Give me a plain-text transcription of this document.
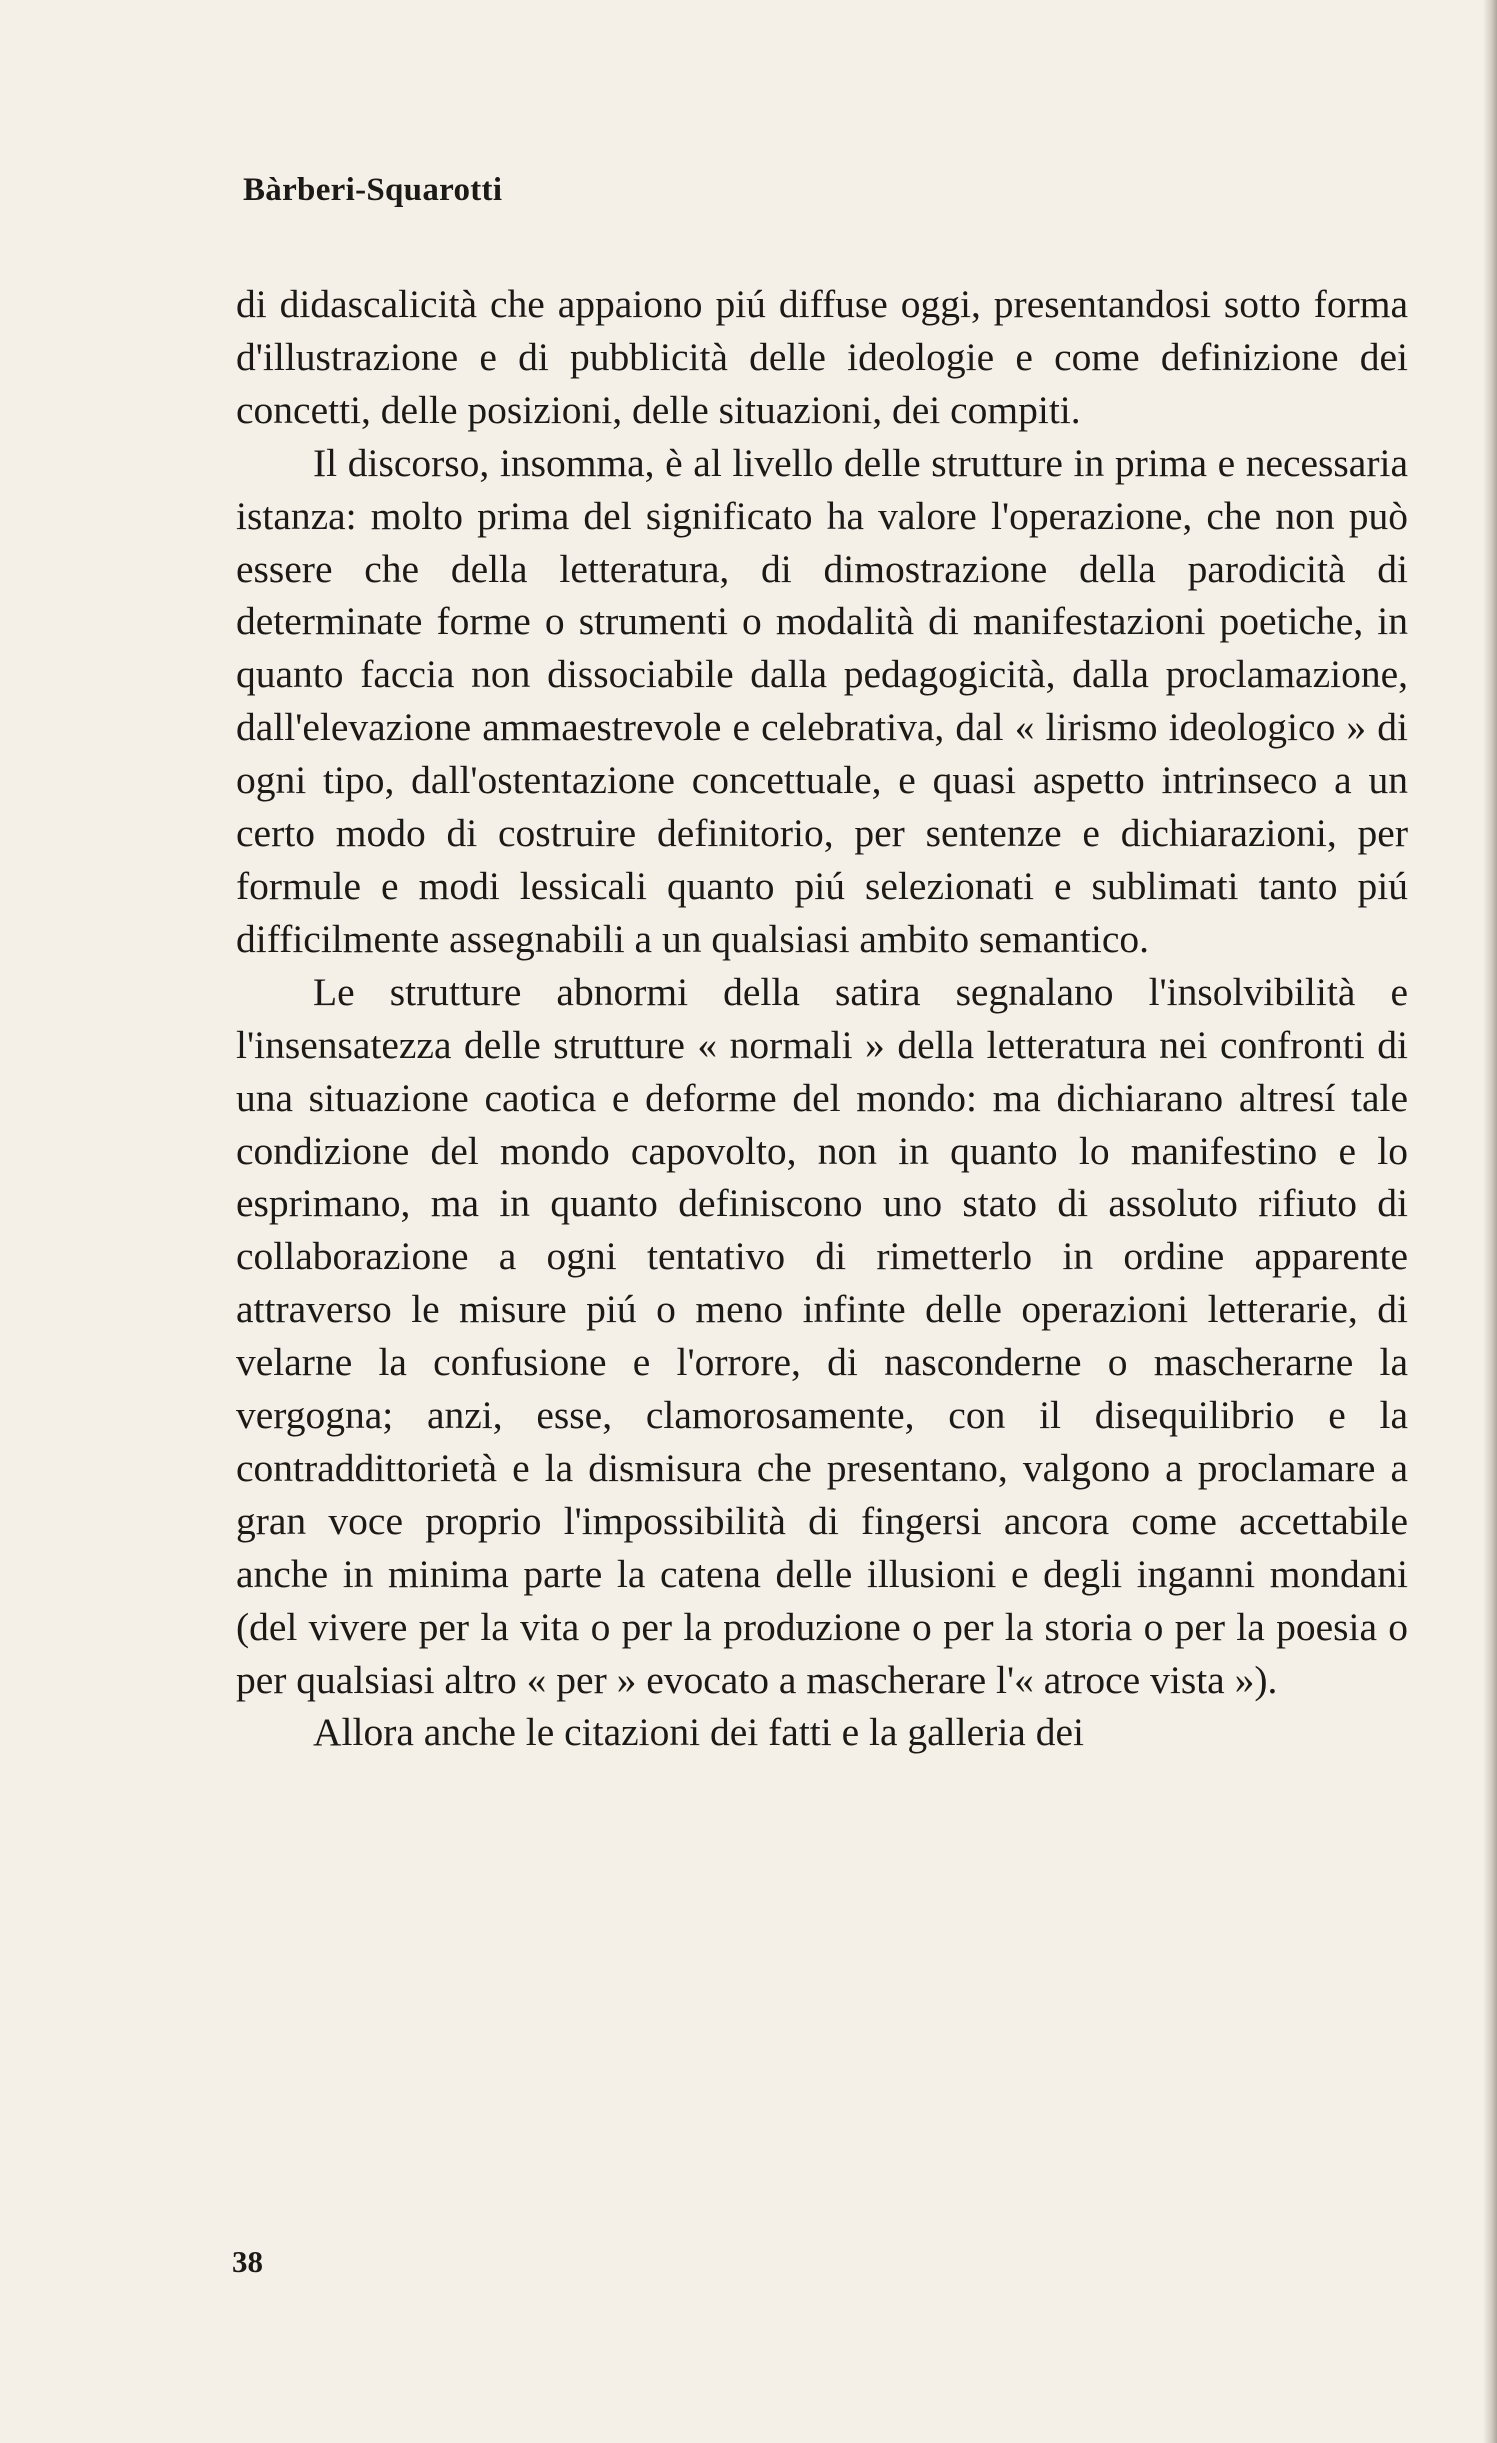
Bàrberi-Squarotti

di didascalicità che appaiono piú diffuse oggi, presentandosi sotto forma d'illustrazione e di pubblicità delle ideologie e come definizione dei concetti, delle posizioni, delle situazioni, dei compiti.

Il discorso, insomma, è al livello delle strutture in prima e necessaria istanza: molto prima del significato ha valore l'operazione, che non può essere che della letteratura, di dimostrazione della parodicità di determinate forme o strumenti o modalità di manifestazioni poetiche, in quanto faccia non dissociabile dalla pedagogicità, dalla proclamazione, dall'elevazione ammaestrevole e celebrativa, dal « lirismo ideologico » di ogni tipo, dall'ostentazione concettuale, e quasi aspetto intrinseco a un certo modo di costruire definitorio, per sentenze e dichiarazioni, per formule e modi lessicali quanto piú selezionati e sublimati tanto piú difficilmente assegnabili a un qualsiasi ambito semantico.

Le strutture abnormi della satira segnalano l'insolvibilità e l'insensatezza delle strutture « normali » della letteratura nei confronti di una situazione caotica e deforme del mondo: ma dichiarano altresí tale condizione del mondo capovolto, non in quanto lo manifestino e lo esprimano, ma in quanto definiscono uno stato di assoluto rifiuto di collaborazione a ogni tentativo di rimetterlo in ordine apparente attraverso le misure piú o meno infinte delle operazioni letterarie, di velarne la confusione e l'orrore, di nasconderne o mascherarne la vergogna; anzi, esse, clamorosamente, con il disequilibrio e la contraddittorietà e la dismisura che presentano, valgono a proclamare a gran voce proprio l'impossibilità di fingersi ancora come accettabile anche in minima parte la catena delle illusioni e degli inganni mondani (del vivere per la vita o per la produzione o per la storia o per la poesia o per qualsiasi altro « per » evocato a mascherare l'« atroce vista »).

Allora anche le citazioni dei fatti e la galleria dei

38
